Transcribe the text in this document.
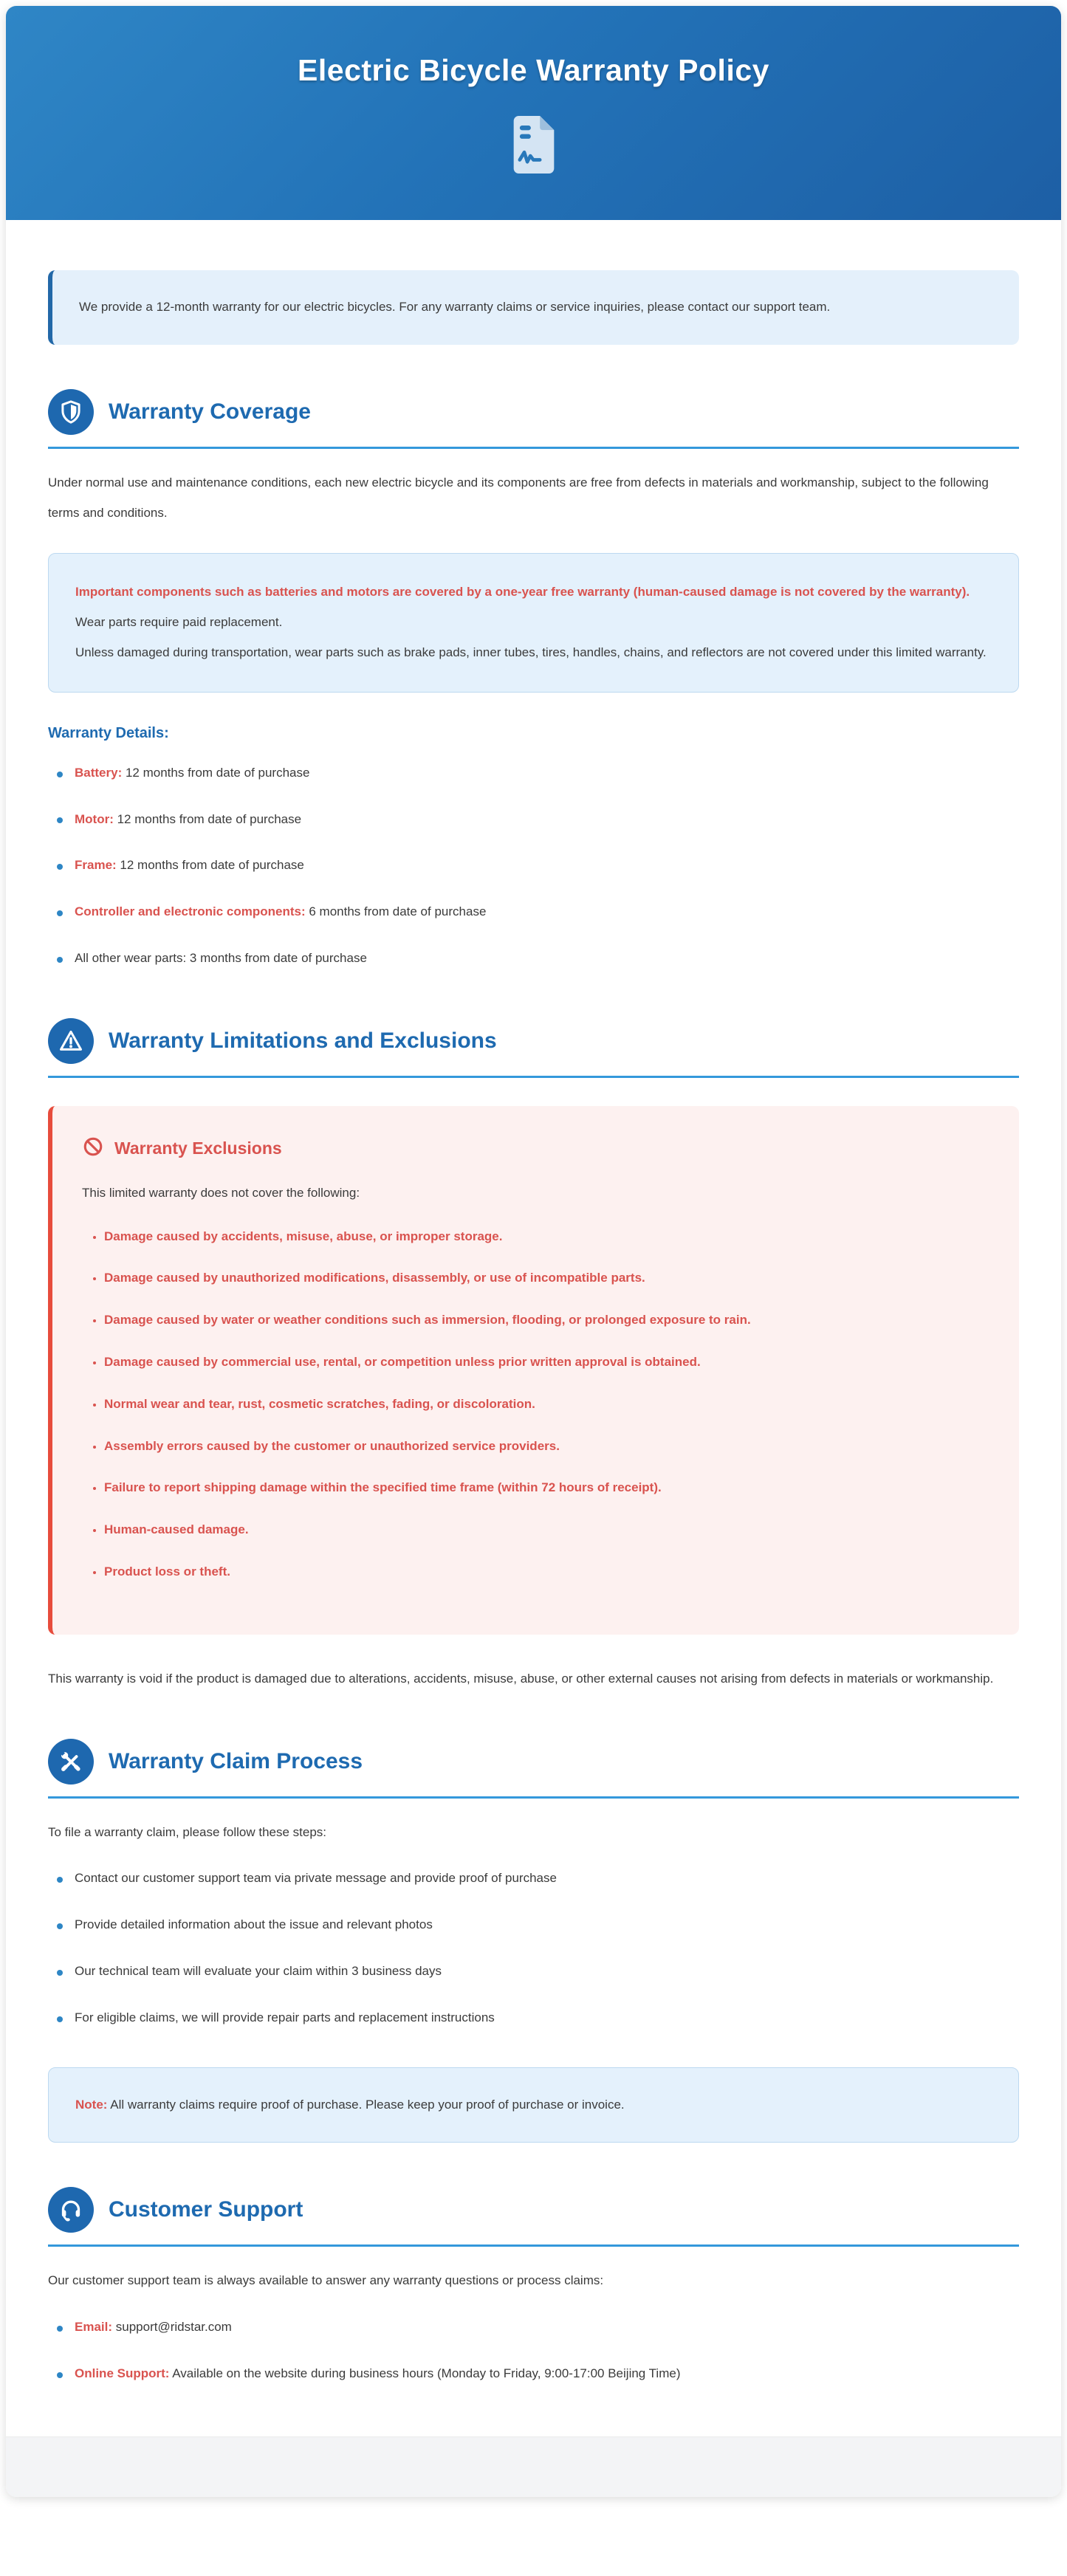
Electric Bicycle Warranty Policy
We provide a 12-month warranty for our electric bicycles. For any warranty claims or service inquiries, please contact our support team.
Warranty Coverage

Under normal use and maintenance conditions, each new electric bicycle and its components are free from defects in materials and workmanship, subject to the following terms and conditions.

Important components such as batteries and motors are covered by a one-year free warranty (human-caused damage is not covered by the warranty). Wear parts require paid replacement.
Unless damaged during transportation, wear parts such as brake pads, inner tubes, tires, handles, chains, and reflectors are not covered under this limited warranty.
Warranty Details:
Battery: 12 months from date of purchase
Motor: 12 months from date of purchase
Frame: 12 months from date of purchase
Controller and electronic components: 6 months from date of purchase
All other wear parts: 3 months from date of purchase
Warranty Limitations and Exclusions
Warranty Exclusions

This limited warranty does not cover the following:

• Damage caused by accidents, misuse, abuse, or improper storage.
• Damage caused by unauthorized modifications, disassembly, or use of incompatible parts.
• Damage caused by water or weather conditions such as immersion, flooding, or prolonged exposure to rain.
• Damage caused by commercial use, rental, or competition unless prior written approval is obtained.
• Normal wear and tear, rust, cosmetic scratches, fading, or discoloration.
• Assembly errors caused by the customer or unauthorized service providers.
• Failure to report shipping damage within the specified time frame (within 72 hours of receipt).
• Human-caused damage.
• Product loss or theft.

This warranty is void if the product is damaged due to alterations, accidents, misuse, abuse, or other external causes not arising from defects in materials or workmanship.

Warranty Claim Process

To file a warranty claim, please follow these steps:

Contact our customer support team via private message and provide proof of purchase
Provide detailed information about the issue and relevant photos
Our technical team will evaluate your claim within 3 business days
For eligible claims, we will provide repair parts and replacement instructions
Note: All warranty claims require proof of purchase. Please keep your proof of purchase or invoice.
Customer Support

Our customer support team is always available to answer any warranty questions or process claims:

Email: support@ridstar.com
Online Support: Available on the website during business hours (Monday to Friday, 9:00-17:00 Beijing Time)
